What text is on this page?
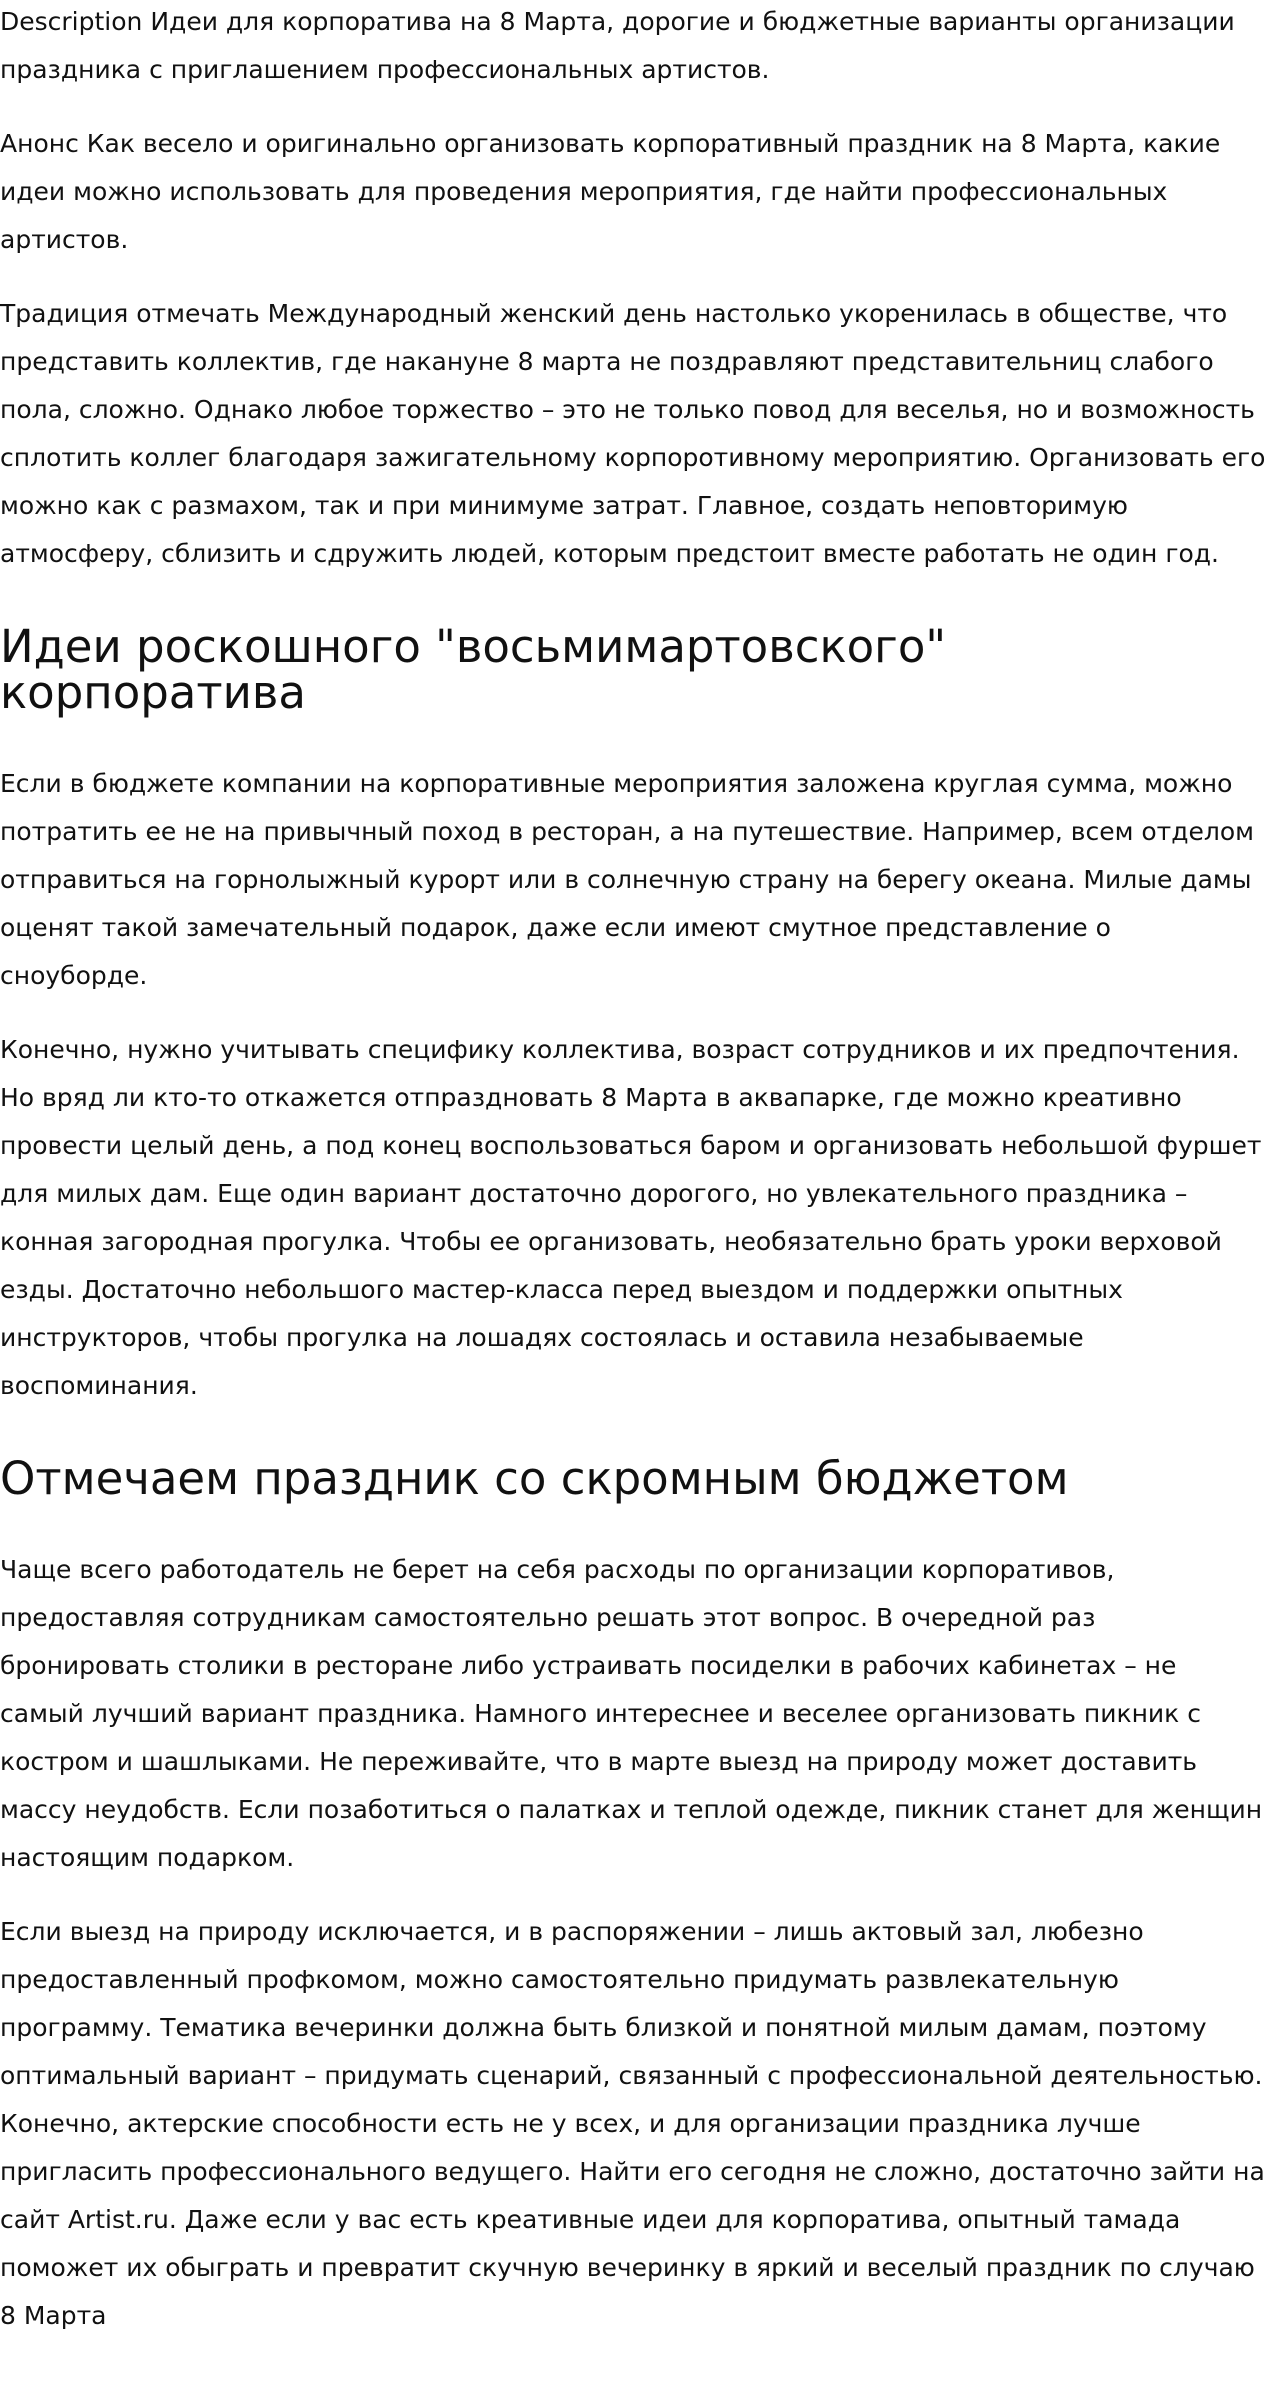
Description Идеи для корпоратива на 8 Марта, дорогие и бюджетные варианты организации праздника с приглашением профессиональных артистов.

Анонс Как весело и оригинально организовать корпоративный праздник на 8 Марта, какие идеи можно использовать для проведения мероприятия, где найти профессиональных артистов.

Традиция отмечать Международный женский день настолько укоренилась в обществе, что представить коллектив, где накануне 8 марта не поздравляют представительниц слабого пола, сложно. Однако любое торжество – это не только повод для веселья, но и возможность сплотить коллег благодаря зажигательному корпоротивному мероприятию. Организовать его можно как с размахом, так и при минимуме затрат. Главное, создать неповторимую атмосферу, сблизить и сдружить людей, которым предстоит вместе работать не один год.

Идеи роскошного "восьмимартовского" корпоратива

Если в бюджете компании на корпоративные мероприятия заложена круглая сумма, можно потратить ее не на привычный поход в ресторан, а на путешествие. Например, всем отделом отправиться на горнолыжный курорт или в солнечную страну на берегу океана. Милые дамы оценят такой замечательный подарок, даже если имеют смутное представление о сноуборде.

Конечно, нужно учитывать специфику коллектива, возраст сотрудников и их предпочтения. Но вряд ли кто-то откажется отпраздновать 8 Марта в аквапарке, где можно креативно провести целый день, а под конец воспользоваться баром и организовать небольшой фуршет для милых дам. Еще один вариант достаточно дорогого, но увлекательного праздника – конная загородная прогулка. Чтобы ее организовать, необязательно брать уроки верховой езды. Достаточно небольшого мастер-класса перед выездом и поддержки опытных инструкторов, чтобы прогулка на лошадях состоялась и оставила незабываемые воспоминания.

Отмечаем праздник со скромным бюджетом

Чаще всего работодатель не берет на себя расходы по организации корпоративов, предоставляя сотрудникам самостоятельно решать этот вопрос. В очередной раз бронировать столики в ресторане либо устраивать посиделки в рабочих кабинетах – не самый лучший вариант праздника. Намного интереснее и веселее организовать пикник с костром и шашлыками. Не переживайте, что в марте выезд на природу может доставить массу неудобств. Если позаботиться о палатках и теплой одежде, пикник станет для женщин настоящим подарком.

Если выезд на природу исключается, и в распоряжении – лишь актовый зал, любезно предоставленный профкомом, можно самостоятельно придумать развлекательную программу. Тематика вечеринки должна быть близкой и понятной милым дамам, поэтому оптимальный вариант – придумать сценарий, связанный с профессиональной деятельностью. Конечно, актерские способности есть не у всех, и для организации праздника лучше пригласить профессионального ведущего. Найти его сегодня не сложно, достаточно зайти на сайт Artist.ru. Даже если у вас есть креативные идеи для корпоратива, опытный тамада поможет их обыграть и превратит скучную вечеринку в яркий и веселый праздник по случаю 8 Марта
